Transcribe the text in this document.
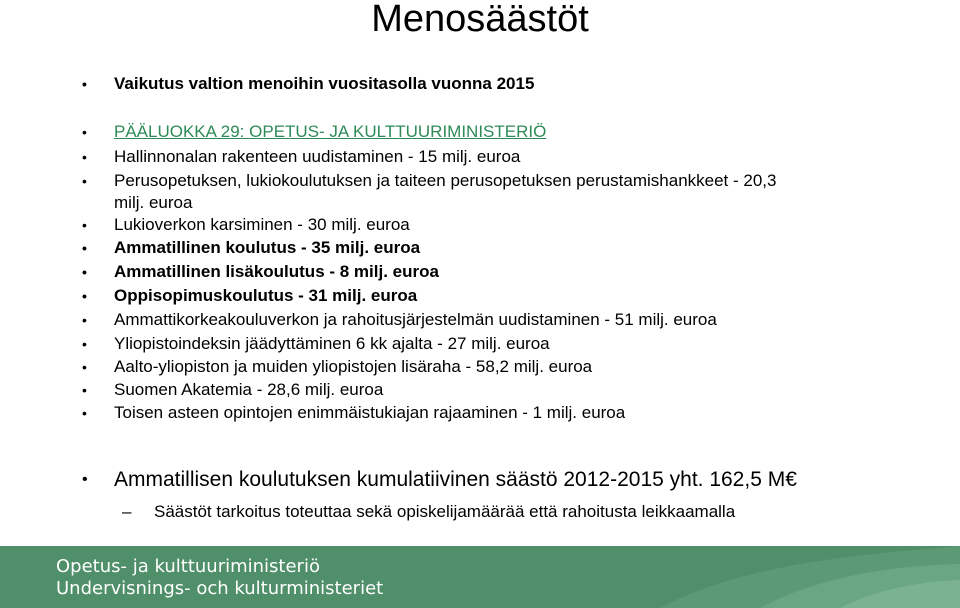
Menosäästöt
• Vaikutus valtion menoihin vuositasolla vuonna 2015
• PÄÄLUOKKA 29: OPETUS- JA KULTTUURIMINISTERIÖ
• Hallinnonalan rakenteen uudistaminen - 15 milj. euroa
• Perusopetuksen, lukiokoulutuksen ja taiteen perusopetuksen perustamishankkeet - 20,3
milj. euroa
• Lukioverkon karsiminen - 30 milj. euroa
• Ammatillinen koulutus - 35 milj. euroa
• Ammatillinen lisäkoulutus - 8 milj. euroa
• Oppisopimuskoulutus - 31 milj. euroa
• Ammattikorkeakouluverkon ja rahoitusjärjestelmän uudistaminen - 51 milj. euroa
• Yliopistoindeksin jäädyttäminen 6 kk ajalta - 27 milj. euroa
• Aalto-yliopiston ja muiden yliopistojen lisäraha - 58,2 milj. euroa
• Suomen Akatemia - 28,6 milj. euroa
• Toisen asteen opintojen enimmäistukiajan rajaaminen - 1 milj. euroa
• Ammatillisen koulutuksen kumulatiivinen säästö 2012-2015 yht. 162,5 M€
– Säästöt tarkoitus toteuttaa sekä opiskelijamäärää että rahoitusta leikkaamalla
Opetus- ja kulttuuriministeriö
Undervisnings- och kulturministeriet
